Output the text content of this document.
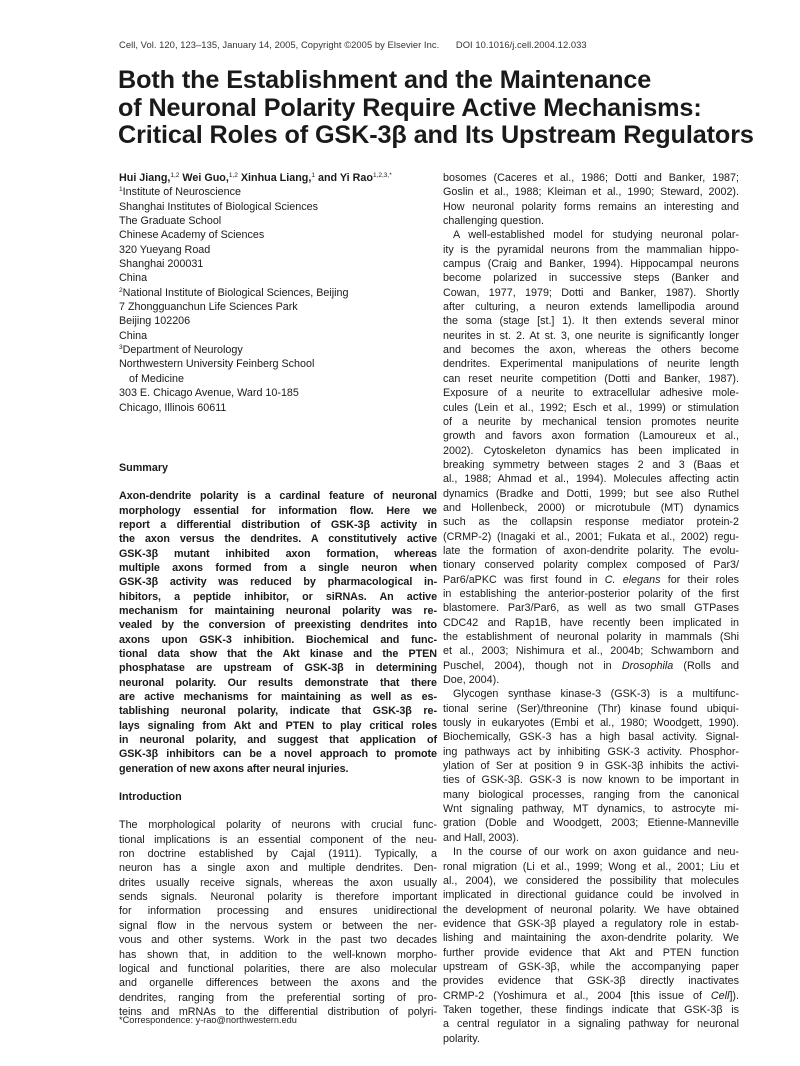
Cell, Vol. 120, 123–135, January 14, 2005, Copyright ©2005 by Elsevier Inc. DOI 10.1016/j.cell.2004.12.033
Both the Establishment and the Maintenance
of Neuronal Polarity Require Active Mechanisms:
Critical Roles of GSK-3β and Its Upstream Regulators
Hui Jiang,$^{1,2}$ Wei Guo,$^{1,2}$ Xinhua Liang,$^1$ and Yi Rao$^{1,2,3,*}$
$^1$Institute of Neuroscience
Shanghai Institutes of Biological Sciences
The Graduate School
Chinese Academy of Sciences
320 Yueyang Road
Shanghai 200031
China
$^2$National Institute of Biological Sciences, Beijing
7 Zhongguanchun Life Sciences Park
Beijing 102206
China
$^3$Department of Neurology
Northwestern University Feinberg School
of Medicine
303 E. Chicago Avenue, Ward 10-185
Chicago, Illinois 60611
Summary
Axon-dendrite polarity is a cardinal feature of neuronal
morphology essential for information flow. Here we
report a differential distribution of GSK-3β activity in
the axon versus the dendrites. A constitutively active
GSK-3β mutant inhibited axon formation, whereas
multiple axons formed from a single neuron when
GSK-3β activity was reduced by pharmacological in-
hibitors, a peptide inhibitor, or siRNAs. An active
mechanism for maintaining neuronal polarity was re-
vealed by the conversion of preexisting dendrites into
axons upon GSK-3 inhibition. Biochemical and func-
tional data show that the Akt kinase and the PTEN
phosphatase are upstream of GSK-3β in determining
neuronal polarity. Our results demonstrate that there
are active mechanisms for maintaining as well as es-
tablishing neuronal polarity, indicate that GSK-3β re-
lays signaling from Akt and PTEN to play critical roles
in neuronal polarity, and suggest that application of
GSK-3β inhibitors can be a novel approach to promote
generation of new axons after neural injuries.
Introduction
The morphological polarity of neurons with crucial func-
tional implications is an essential component of the neu-
ron doctrine established by Cajal (1911). Typically, a
neuron has a single axon and multiple dendrites. Den-
drites usually receive signals, whereas the axon usually
sends signals. Neuronal polarity is therefore important
for information processing and ensures unidirectional
signal flow in the nervous system or between the ner-
vous and other systems. Work in the past two decades
has shown that, in addition to the well-known morpho-
logical and functional polarities, there are also molecular
and organelle differences between the axons and the
dendrites, ranging from the preferential sorting of pro-
teins and mRNAs to the differential distribution of polyri-
bosomes (Caceres et al., 1986; Dotti and Banker, 1987;
Goslin et al., 1988; Kleiman et al., 1990; Steward, 2002).
How neuronal polarity forms remains an interesting and
challenging question.
A well-established model for studying neuronal polar-
ity is the pyramidal neurons from the mammalian hippo-
campus (Craig and Banker, 1994). Hippocampal neurons
become polarized in successive steps (Banker and
Cowan, 1977, 1979; Dotti and Banker, 1987). Shortly
after culturing, a neuron extends lamellipodia around
the soma (stage [st.] 1). It then extends several minor
neurites in st. 2. At st. 3, one neurite is significantly longer
and becomes the axon, whereas the others become
dendrites. Experimental manipulations of neurite length
can reset neurite competition (Dotti and Banker, 1987).
Exposure of a neurite to extracellular adhesive mole-
cules (Lein et al., 1992; Esch et al., 1999) or stimulation
of a neurite by mechanical tension promotes neurite
growth and favors axon formation (Lamoureux et al.,
2002). Cytoskeleton dynamics has been implicated in
breaking symmetry between stages 2 and 3 (Baas et
al., 1988; Ahmad et al., 1994). Molecules affecting actin
dynamics (Bradke and Dotti, 1999; but see also Ruthel
and Hollenbeck, 2000) or microtubule (MT) dynamics
such as the collapsin response mediator protein-2
(CRMP-2) (Inagaki et al., 2001; Fukata et al., 2002) regu-
late the formation of axon-dendrite polarity. The evolu-
tionary conserved polarity complex composed of Par3/
Par6/aPKC was first found in C. elegans for their roles
in establishing the anterior-posterior polarity of the first
blastomere. Par3/Par6, as well as two small GTPases
CDC42 and Rap1B, have recently been implicated in
the establishment of neuronal polarity in mammals (Shi
et al., 2003; Nishimura et al., 2004b; Schwamborn and
Puschel, 2004), though not in Drosophila (Rolls and
Doe, 2004).
Glycogen synthase kinase-3 (GSK-3) is a multifunc-
tional serine (Ser)/threonine (Thr) kinase found ubiqui-
tously in eukaryotes (Embi et al., 1980; Woodgett, 1990).
Biochemically, GSK-3 has a high basal activity. Signal-
ing pathways act by inhibiting GSK-3 activity. Phosphor-
ylation of Ser at position 9 in GSK-3β inhibits the activi-
ties of GSK-3β. GSK-3 is now known to be important in
many biological processes, ranging from the canonical
Wnt signaling pathway, MT dynamics, to astrocyte mi-
gration (Doble and Woodgett, 2003; Etienne-Manneville
and Hall, 2003).
In the course of our work on axon guidance and neu-
ronal migration (Li et al., 1999; Wong et al., 2001; Liu et
al., 2004), we considered the possibility that molecules
implicated in directional guidance could be involved in
the development of neuronal polarity. We have obtained
evidence that GSK-3β played a regulatory role in estab-
lishing and maintaining the axon-dendrite polarity. We
further provide evidence that Akt and PTEN function
upstream of GSK-3β, while the accompanying paper
provides evidence that GSK-3β directly inactivates
CRMP-2 (Yoshimura et al., 2004 [this issue of Cell]).
Taken together, these findings indicate that GSK-3β is
a central regulator in a signaling pathway for neuronal
polarity.
*Correspondence: y-rao@northwestern.edu
